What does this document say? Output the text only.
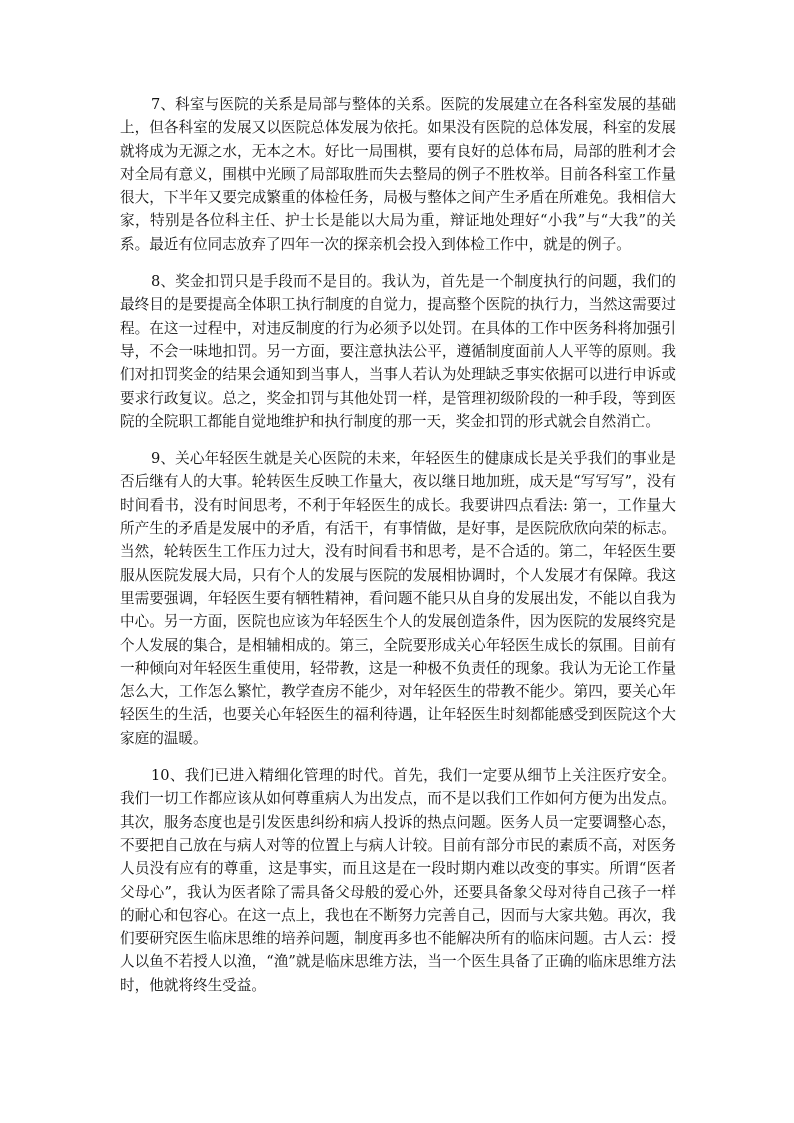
7、科室与医院的关系是局部与整体的关系。医院的发展建立在各科室发展的基础上，但各科室的发展又以医院总体发展为依托。如果没有医院的总体发展，科室的发展就将成为无源之水，无本之木。好比一局围棋，要有良好的总体布局，局部的胜利才会对全局有意义，围棋中光顾了局部取胜而失去整局的例子不胜枚举。目前各科室工作量很大，下半年又要完成繁重的体检任务，局极与整体之间产生矛盾在所难免。我相信大家，特别是各位科主任、护士长是能以大局为重，辩证地处理好“小我”与“大我”的关系。最近有位同志放弃了四年一次的探亲机会投入到体检工作中，就是的例子。

8、奖金扣罚只是手段而不是目的。我认为，首先是一个制度执行的问题，我们的最终目的是要提高全体职工执行制度的自觉力，提高整个医院的执行力，当然这需要过程。在这一过程中，对违反制度的行为必须予以处罚。在具体的工作中医务科将加强引导，不会一味地扣罚。另一方面，要注意执法公平，遵循制度面前人人平等的原则。我们对扣罚奖金的结果会通知到当事人，当事人若认为处理缺乏事实依据可以进行申诉或要求行政复议。总之，奖金扣罚与其他处罚一样，是管理初级阶段的一种手段，等到医院的全院职工都能自觉地维护和执行制度的那一天，奖金扣罚的形式就会自然消亡。

9、关心年轻医生就是关心医院的未来，年轻医生的健康成长是关乎我们的事业是否后继有人的大事。轮转医生反映工作量大，夜以继日地加班，成天是“写写写”，没有时间看书，没有时间思考，不利于年轻医生的成长。我要讲四点看法: 第一，工作量大所产生的矛盾是发展中的矛盾，有活干，有事情做，是好事，是医院欣欣向荣的标志。当然，轮转医生工作压力过大，没有时间看书和思考，是不合适的。第二，年轻医生要服从医院发展大局，只有个人的发展与医院的发展相协调时，个人发展才有保障。我这里需要强调，年轻医生要有牺牲精神，看问题不能只从自身的发展出发，不能以自我为中心。另一方面，医院也应该为年轻医生个人的发展创造条件，因为医院的发展终究是个人发展的集合，是相辅相成的。第三，全院要形成关心年轻医生成长的氛围。目前有一种倾向对年轻医生重使用，轻带教，这是一种极不负责任的现象。我认为无论工作量怎么大，工作怎么繁忙，教学查房不能少，对年轻医生的带教不能少。第四，要关心年轻医生的生活，也要关心年轻医生的福利待遇，让年轻医生时刻都能感受到医院这个大家庭的温暖。

10、我们已进入精细化管理的时代。首先，我们一定要从细节上关注医疗安全。我们一切工作都应该从如何尊重病人为出发点，而不是以我们工作如何方便为出发点。其次，服务态度也是引发医患纠纷和病人投诉的热点问题。医务人员一定要调整心态，不要把自己放在与病人对等的位置上与病人计较。目前有部分市民的素质不高，对医务人员没有应有的尊重，这是事实，而且这是在一段时期内难以改变的事实。所谓“医者父母心”，我认为医者除了需具备父母般的爱心外，还要具备象父母对待自己孩子一样的耐心和包容心。在这一点上，我也在不断努力完善自己，因而与大家共勉。再次，我们要研究医生临床思维的培养问题，制度再多也不能解决所有的临床问题。古人云：授人以鱼不若授人以渔，“渔”就是临床思维方法，当一个医生具备了正确的临床思维方法时，他就将终生受益。
